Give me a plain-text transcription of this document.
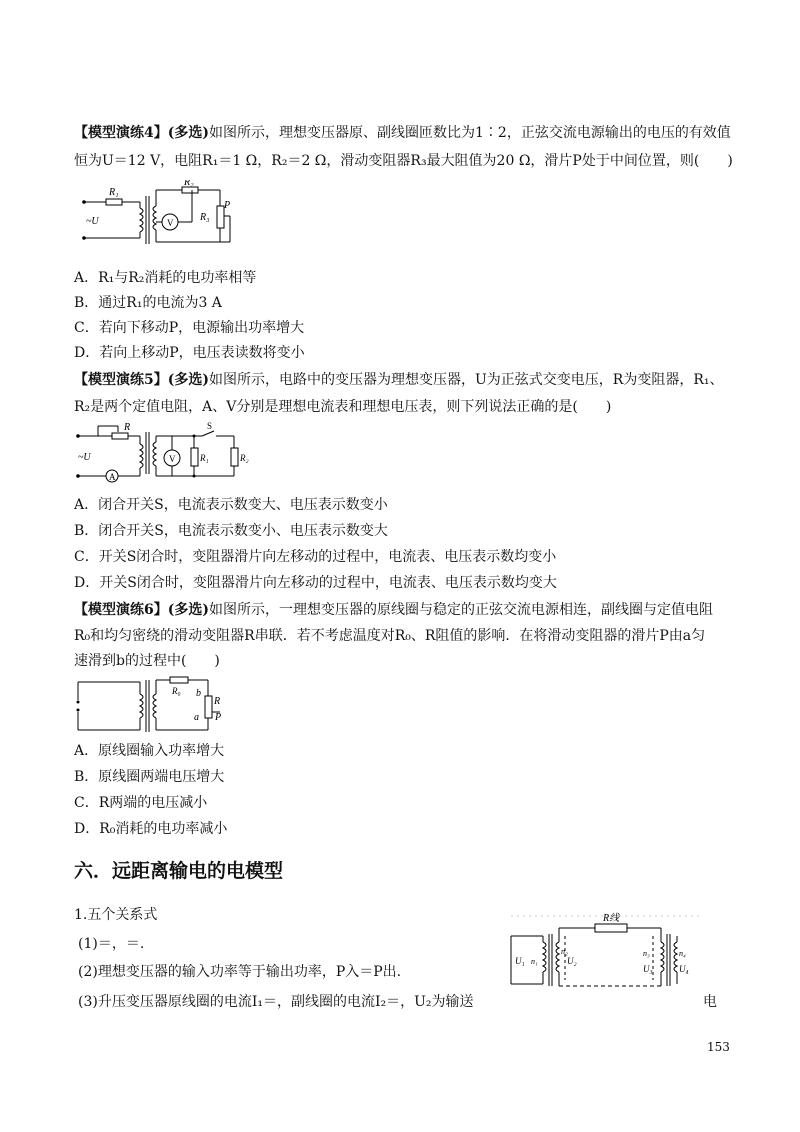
【模型演练4】(多选)如图所示，理想变压器原、副线圈匝数比为1∶2，正弦交流电源输出的电压的有效值
恒为U＝12 V，电阻R₁＝1 Ω，R₂＝2 Ω，滑动变阻器R₃最大阻值为20 Ω，滑片P处于中间位置，则(　　)
R₁
R₂
R₃
P
~U	V
A．R₁与R₂消耗的电功率相等
B．通过R₁的电流为3 A
C．若向下移动P，电源输出功率增大
D．若向上移动P，电压表读数将变小
【模型演练5】(多选)如图所示，电路中的变压器为理想变压器，U为正弦式交变电压，R为变阻器，R₁、
R₂是两个定值电阻，A、V分别是理想电流表和理想电压表，则下列说法正确的是(　　)
R	S
~U
A
V	R₁	R₂
A．闭合开关S，电流表示数变大、电压表示数变小
B．闭合开关S，电流表示数变小、电压表示数变大
C．开关S闭合时，变阻器滑片向左移动的过程中，电流表、电压表示数均变小
D．开关S闭合时，变阻器滑片向左移动的过程中，电流表、电压表示数均变大
【模型演练6】(多选)如图所示，一理想变压器的原线圈与稳定的正弦交流电源相连，副线圈与定值电阻
R₀和均匀密绕的滑动变阻器R串联．若不考虑温度对R₀、R阻值的影响．在将滑动变阻器的滑片P由a匀
速滑到b的过程中(　　)
R₀ b
R
a P
A．原线圈输入功率增大
B．原线圈两端电压增大
C．R两端的电压减小
D．R₀消耗的电功率减小
六．远距离输电的电模型
1.五个关系式
(1)＝，＝.
(2)理想变压器的输入功率等于输出功率，P入＝P出.
(3)升压变压器原线圈的电流I₁＝，副线圈的电流I₂＝，U₂为输送	电
R线
U₁ n₁
n₂
U₂
n₃
U₃
n₄
U₄
153
